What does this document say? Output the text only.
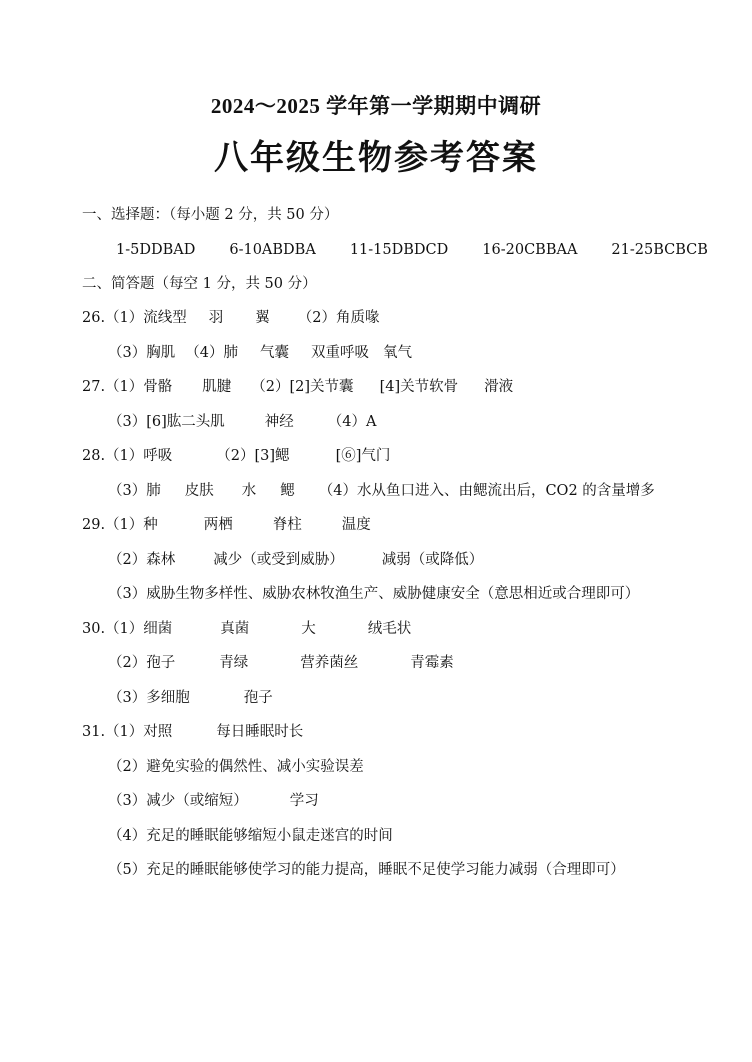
2024～2025 学年第一学期期中调研
八年级生物参考答案
一、选择题：（每小题 2 分，共 50 分）
1-5DDBAD 6-10ABDBA 11-15DBDCD 16-20CBBAA 21-25BCBCB
二、简答题（每空 1 分，共 50 分）
26.（1）流线型 羽 翼 （2）角质喙
（3）胸肌 （4）肺 气囊 双重呼吸 氧气
27.（1）骨骼 肌腱 （2）[2]关节囊 [4]关节软骨 滑液
（3）[6]肱二头肌	神经 （4）A
28.（1）呼吸	（2）[3]鳃	[⑥]气门
（3）肺 皮肤 水 鳃 （4）水从鱼口进入、由鳃流出后，CO2 的含量增多
29.（1）种	两栖	脊柱	温度
（2）森林	减少（或受到威胁）	减弱（或降低）
（3）威胁生物多样性、威胁农林牧渔生产、威胁健康安全（意思相近或合理即可）
30.（1）细菌	真菌	大	绒毛状
（2）孢子	青绿	营养菌丝	青霉素
（3）多细胞	孢子
31.（1）对照	每日睡眠时长
（2）避免实验的偶然性、减小实验误差
（3）减少（或缩短）	学习
（4）充足的睡眠能够缩短小鼠走迷宫的时间
（5）充足的睡眠能够使学习的能力提高，睡眠不足使学习能力减弱（合理即可）
